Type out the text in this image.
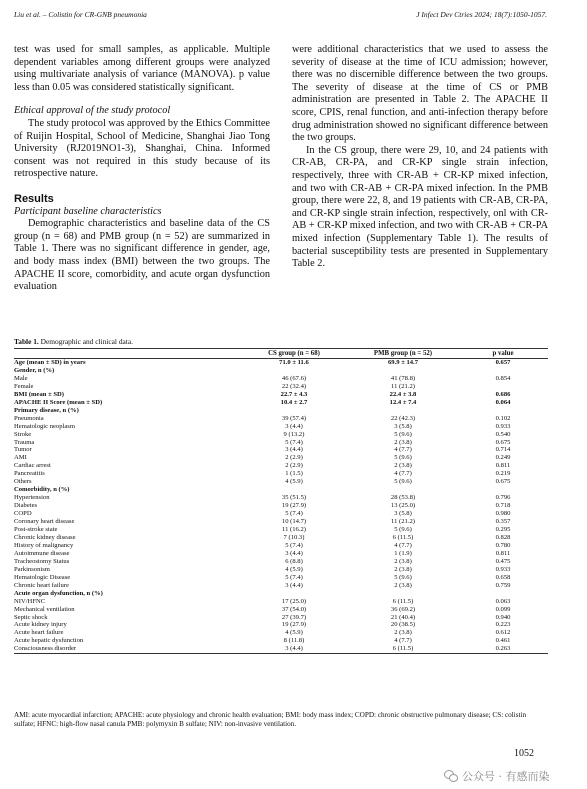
Liu et al. – Colistin for CR-GNB pneumonia	J Infect Dev Ctries 2024; 18(7):1050-1057.

test was used for small samples, as applicable. Multiple dependent variables among different groups were analyzed using multivariate analysis of variance (MANOVA). p value less than 0.05 was considered statistically significant.

Ethical approval of the study protocol

The study protocol was approved by the Ethics Committee of Ruijin Hospital, School of Medicine, Shanghai Jiao Tong University (RJ2019NO1-3), Shanghai, China. Informed consent was not required in this study because of its retrospective nature.

Results

Participant baseline characteristics

Demographic characteristics and baseline data of the CS group (n = 68) and PMB group (n = 52) are summarized in Table 1. There was no significant difference in gender, age, and body mass index (BMI) between the two groups. The APACHE II score, comorbidity, and acute organ dysfunction evaluation

were additional characteristics that we used to assess the severity of disease at the time of ICU admission; however, there was no discernible difference between the two groups. The severity of disease at the time of CS or PMB administration are presented in Table 2. The APACHE II score, CPIS, renal function, and anti-infection therapy before drug administration showed no significant difference between the two groups.

In the CS group, there were 29, 10, and 24 patients with CR-AB, CR-PA, and CR-KP single strain infection, respectively, three with CR-AB + CR-KP mixed infection, and two with CR-AB + CR-PA mixed infection. In the PMB group, there were 22, 8, and 19 patients with CR-AB, CR-PA, and CR-KP single strain infection, respectively, onl with CR-AB + CR-KP mixed infection, and two with CR-AB + CR-PA mixed infection (Supplementary Table 1). The results of bacterial susceptibility tests are presented in Supplementary Table 2.

Table 1. Demographic and clinical data.
	CS group (n = 68)	PMB group (n = 52)	p value
Age (mean ± SD) in years	71.0 ± 11.6	69.9 ± 14.7	0.657
Gender, n (%)			
Male	46 (67.6)	41 (78.8)	0.854
Female	22 (32.4)	11 (21.2)	
BMI (mean ± SD)	22.7 ± 4.3	22.4 ± 3.8	0.686
APACHE II Score (mean ± SD)	10.4 ± 2.7	12.4 ± 7.4	0.064
Primary disease, n (%)			
Pneumonia	39 (57.4)	22 (42.3)	0.102
Hematologic neoplasm	3 (4.4)	3 (5.8)	0.933
Stroke	9 (13.2)	5 (9.6)	0.540
Trauma	5 (7.4)	2 (3.8)	0.675
Tumor	3 (4.4)	4 (7.7)	0.714
AMI	2 (2.9)	5 (9.6)	0.249
Cardiac arrest	2 (2.9)	2 (3.8)	0.811
Pancreatitis	1 (1.5)	4 (7.7)	0.219
Others	4 (5.9)	5 (9.6)	0.675
Comorbidity, n (%)			
Hypertension	35 (51.5)	28 (53.8)	0.796
Diabetes	19 (27.9)	13 (25.0)	0.718
COPD	5 (7.4)	3 (5.8)	0.980
Coronary heart disease	10 (14.7)	11 (21.2)	0.357
Post-stroke state	11 (16.2)	5 (9.6)	0.295
Chronic kidney disease	7 (10.3)	6 (11.5)	0.828
History of malignancy	5 (7.4)	4 (7.7)	0.780
Autoimmune disease	3 (4.4)	1 (1.9)	0.811
Tracheostomy Status	6 (8.8)	2 (3.8)	0.475
Parkinsonism	4 (5.9)	2 (3.8)	0.933
Hematologic Disease	5 (7.4)	5 (9.6)	0.658
Chronic heart failure	3 (4.4)	2 (3.8)	0.759
Acute organ dysfunction, n (%)			
NIV/HFNC	17 (25.0)	6 (11.5)	0.063
Mechanical ventilation	37 (54.0)	36 (69.2)	0.099
Septic shock	27 (39.7)	21 (40.4)	0.940
Acute kidney injury	19 (27.9)	20 (38.5)	0.223
Acute heart failure	4 (5.9)	2 (3.8)	0.612
Acute hepatic dysfunction	8 (11.8)	4 (7.7)	0.461
Consciousness disorder	3 (4.4)	6 (11.5)	0.263
AMI: acute myocardial infarction; APACHE: acute physiology and chronic health evaluation; BMI: body mass index; COPD: chronic obstructive pulmonary disease; CS: colistin sulfate; HFNC: high-flow nasal canula PMB: polymyxin B sulfate; NIV: non-invasive ventilation.
1052
公众号 · 有感而染
